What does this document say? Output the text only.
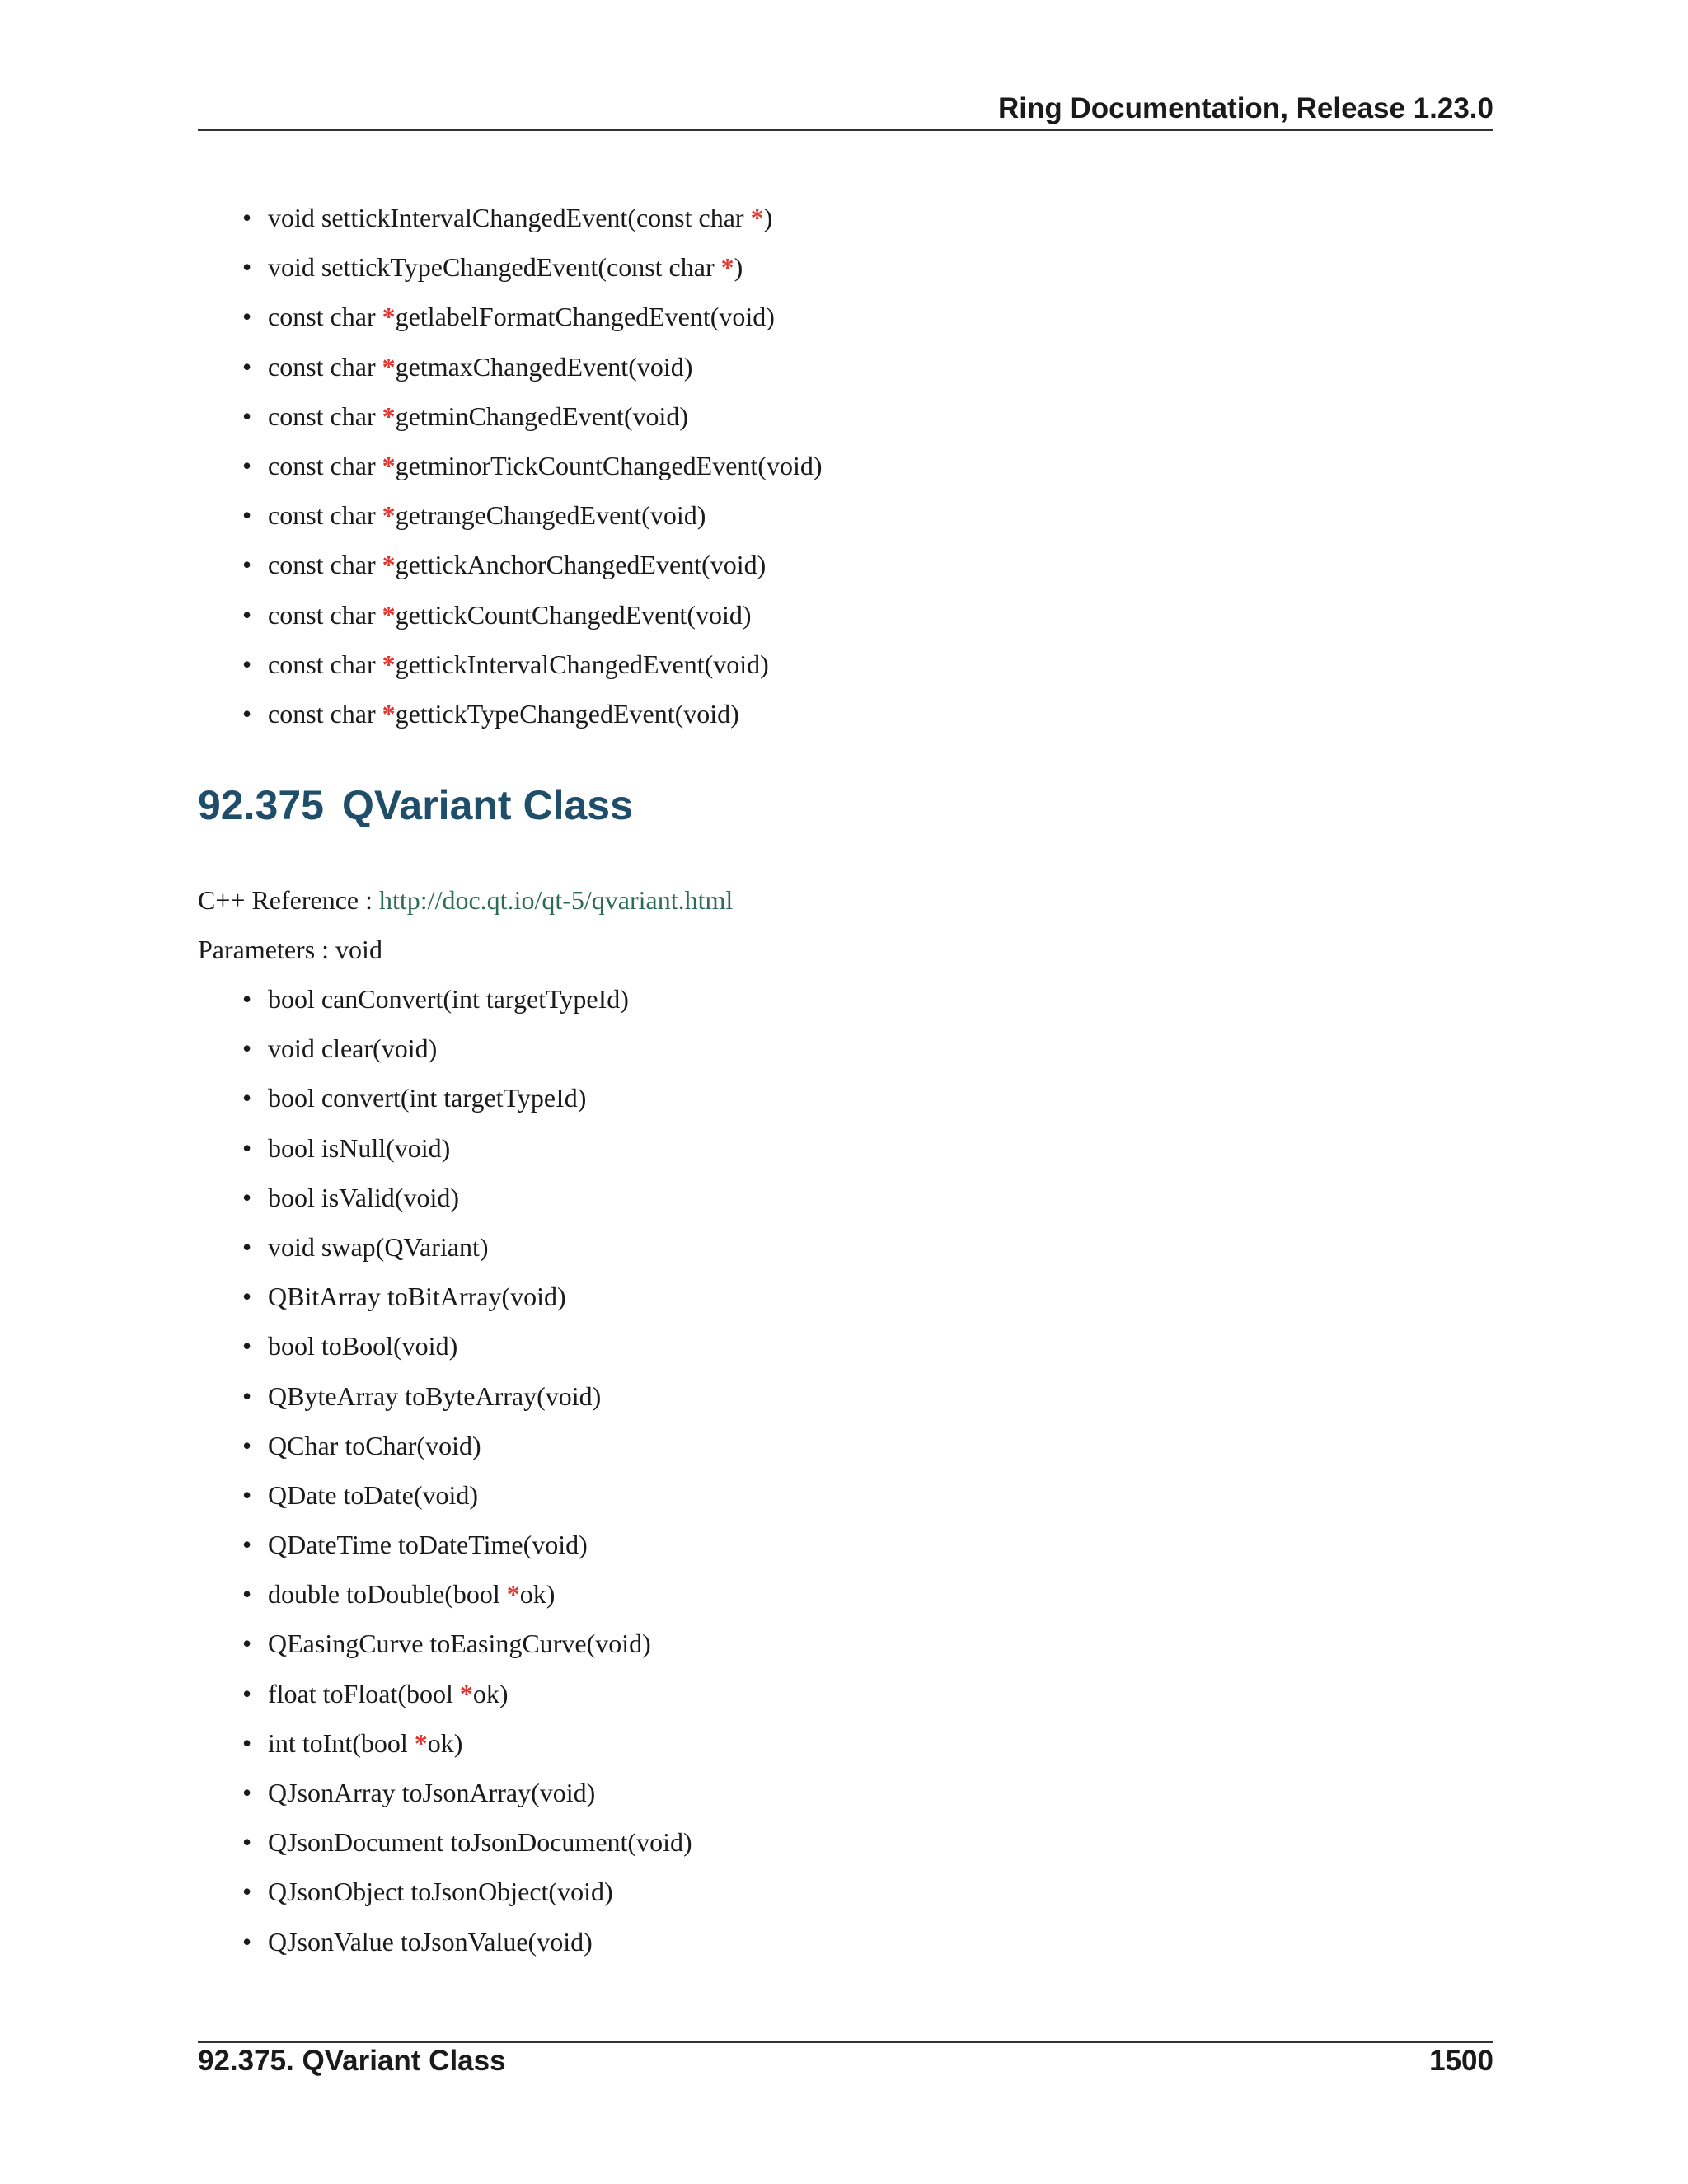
Ring Documentation, Release 1.23.0
• void settickIntervalChangedEvent(const char *)
• void settickTypeChangedEvent(const char *)
• const char *getlabelFormatChangedEvent(void)
• const char *getmaxChangedEvent(void)
• const char *getminChangedEvent(void)
• const char *getminorTickCountChangedEvent(void)
• const char *getrangeChangedEvent(void)
• const char *gettickAnchorChangedEvent(void)
• const char *gettickCountChangedEvent(void)
• const char *gettickIntervalChangedEvent(void)
• const char *gettickTypeChangedEvent(void)
92.375 QVariant Class
C++ Reference : http://doc.qt.io/qt-5/qvariant.html
Parameters : void
• bool canConvert(int targetTypeId)
• void clear(void)
• bool convert(int targetTypeId)
• bool isNull(void)
• bool isValid(void)
• void swap(QVariant)
• QBitArray toBitArray(void)
• bool toBool(void)
• QByteArray toByteArray(void)
• QChar toChar(void)
• QDate toDate(void)
• QDateTime toDateTime(void)
• double toDouble(bool *ok)
• QEasingCurve toEasingCurve(void)
• float toFloat(bool *ok)
• int toInt(bool *ok)
• QJsonArray toJsonArray(void)
• QJsonDocument toJsonDocument(void)
• QJsonObject toJsonObject(void)
• QJsonValue toJsonValue(void)
92.375. QVariant Class	1500
